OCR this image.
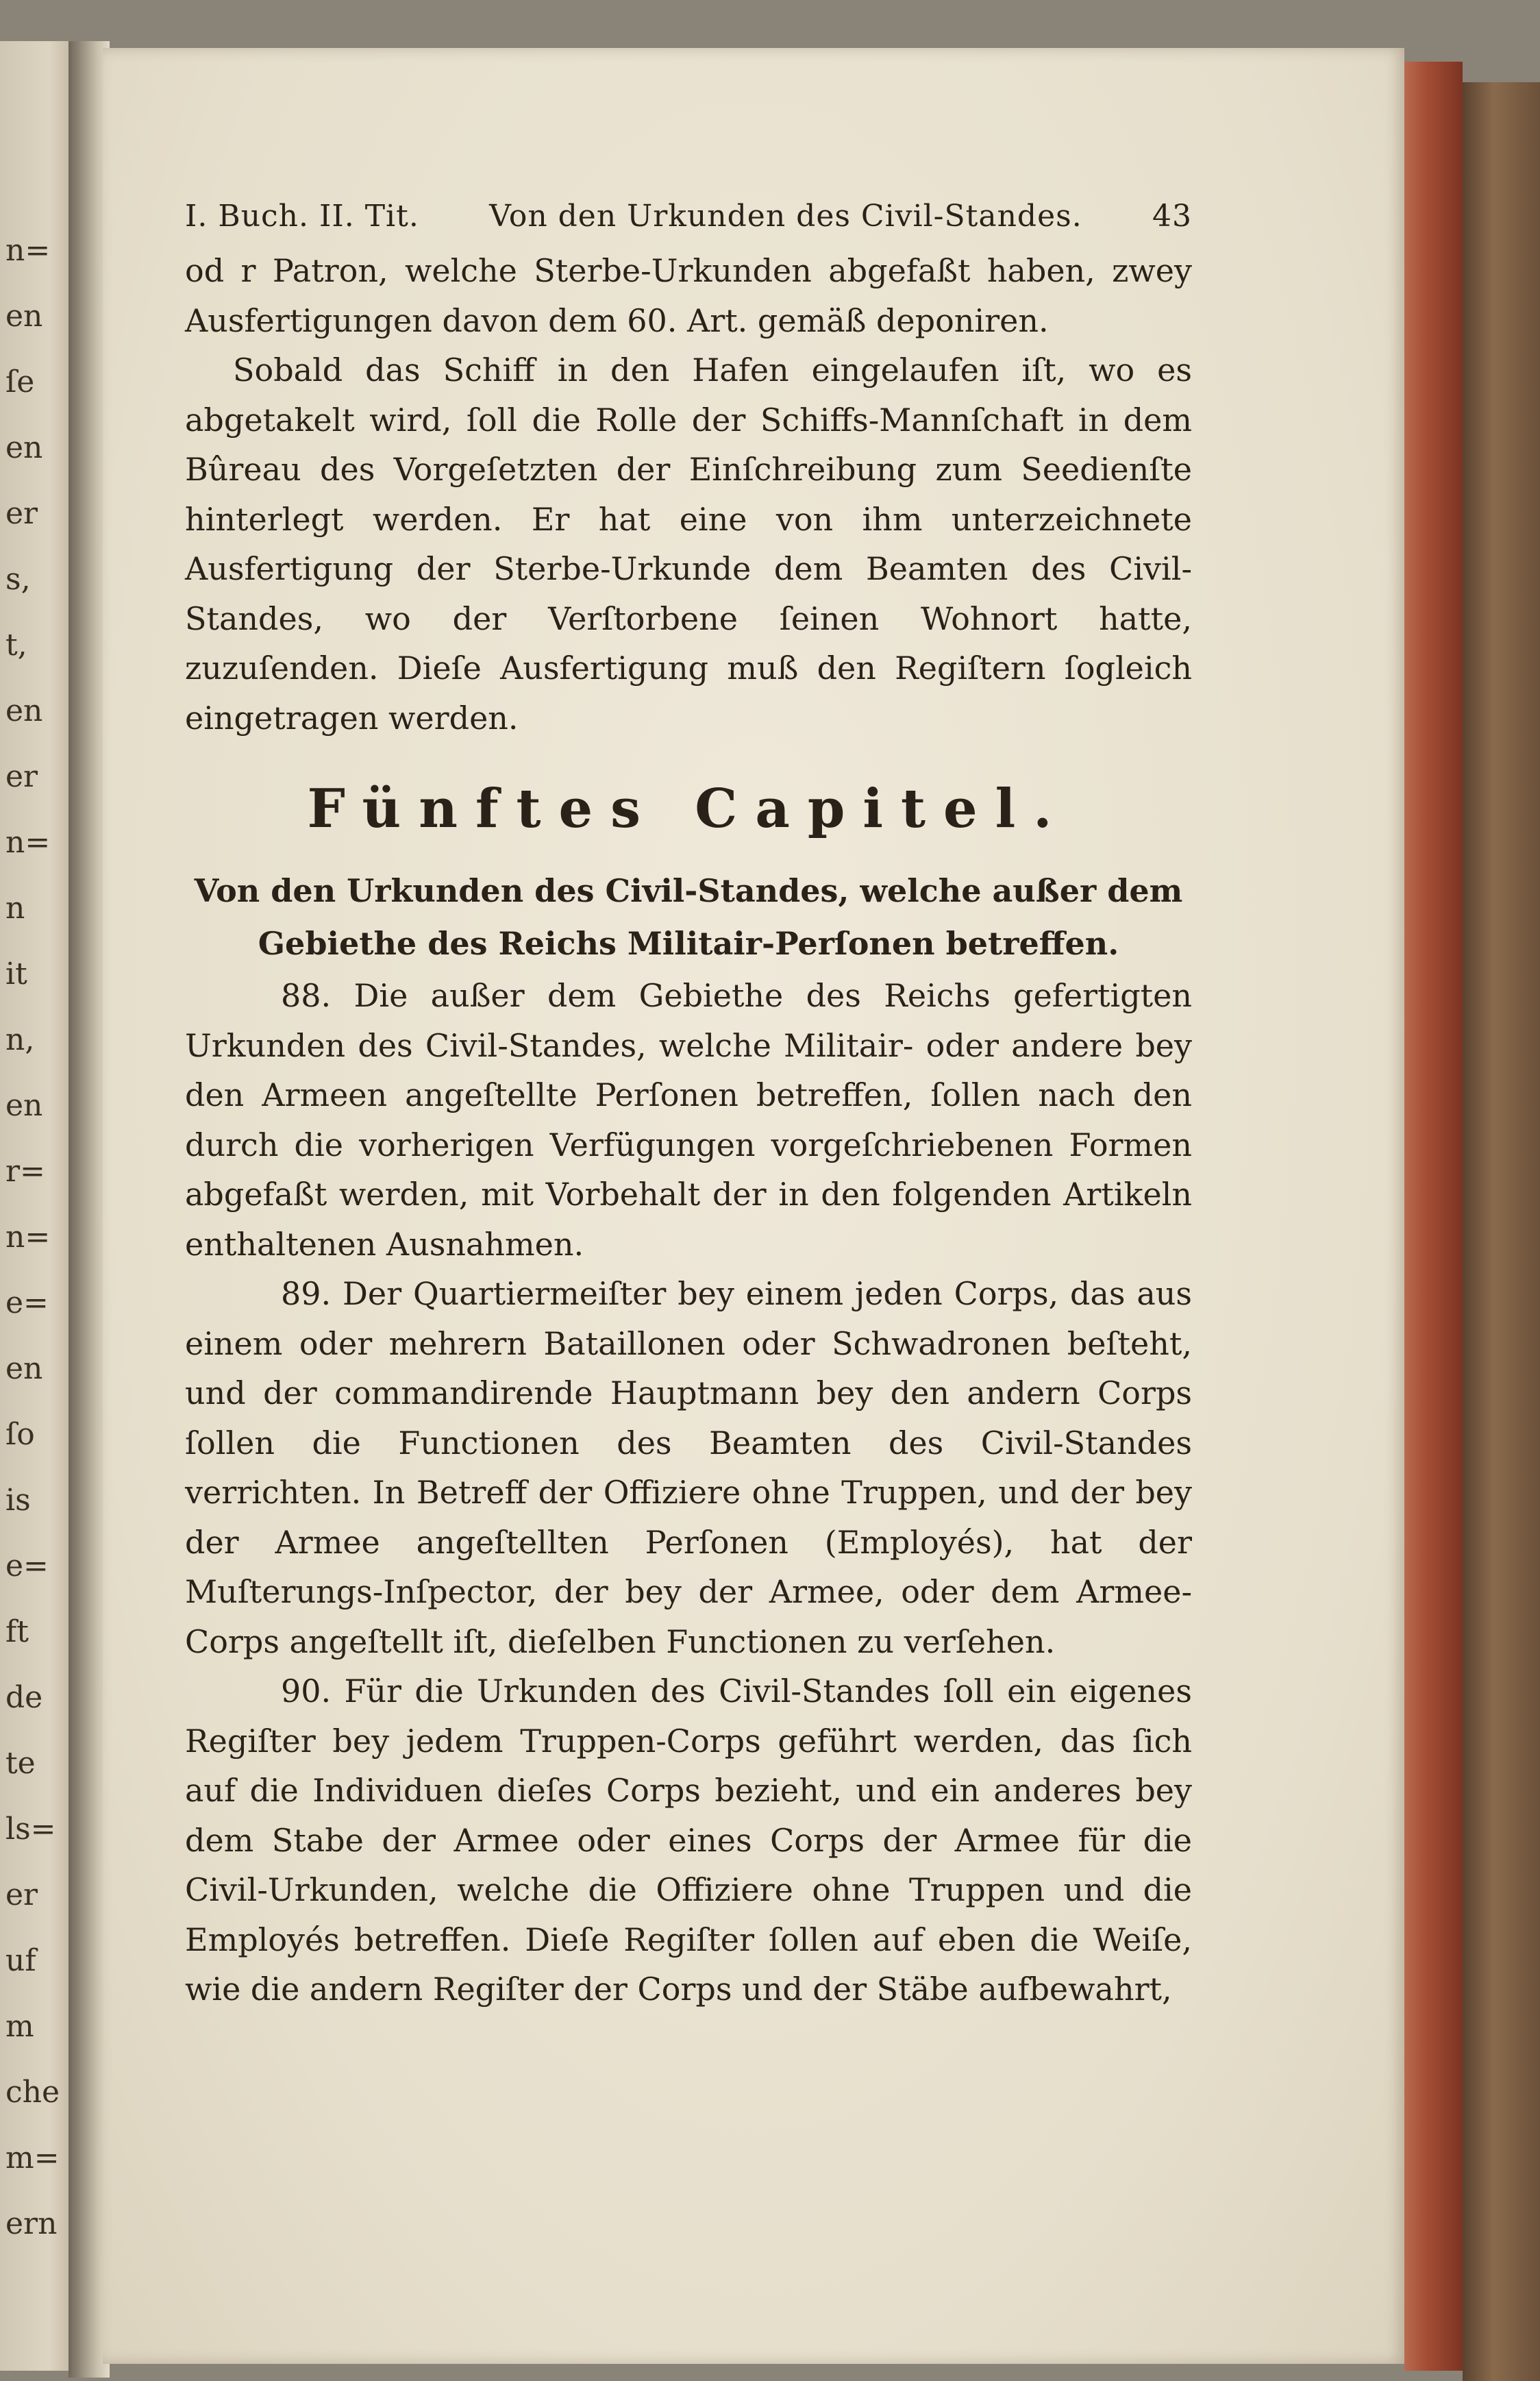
n=
en
ſe
en
er
s,
t,
en
er
n=
n
it
n,
en
r=
n=
e=
en
ſo
is
e=
ft
de
te
ls=
er
uf
m
che
m=
ern
I. Buch. II. Tit. Von den Urkunden des Civil-Standes. 43

od r Patron, welche Sterbe-Urkunden abgefaßt haben, zwey Ausfertigungen davon dem 60. Art. gemäß deponiren.

Sobald das Schiff in den Hafen eingelaufen iſt, wo es abgetakelt wird, ſoll die Rolle der Schiffs-Mannſchaft in dem Bûreau des Vorgeſetzten der Einſchreibung zum Seedienſte hinterlegt werden. Er hat eine von ihm unterzeichnete Ausfertigung der Sterbe-Urkunde dem Beamten des Civil-Standes, wo der Verſtorbene ſeinen Wohnort hatte, zuzuſenden. Dieſe Ausfertigung muß den Regiſtern ſogleich eingetragen werden.

Fünftes Capitel.

Von den Urkunden des Civil-Standes, welche außer dem

Gebiethe des Reichs Militair-Perſonen betreffen.

88. Die außer dem Gebiethe des Reichs gefertigten Urkunden des Civil-Standes, welche Militair- oder andere bey den Armeen angeſtellte Perſonen betreffen, ſollen nach den durch die vorherigen Verfügungen vorgeſchriebenen Formen abgefaßt werden, mit Vorbehalt der in den folgenden Artikeln enthaltenen Ausnahmen.

89. Der Quartiermeiſter bey einem jeden Corps, das aus einem oder mehrern Bataillonen oder Schwadronen beſteht, und der commandirende Hauptmann bey den andern Corps ſollen die Functionen des Beamten des Civil-Standes verrichten. In Betreff der Offiziere ohne Truppen, und der bey der Armee angeſtellten Perſonen (Employés), hat der Muſterungs-Inſpector, der bey der Armee, oder dem Armee-Corps angeſtellt iſt, dieſelben Functionen zu verſehen.

90. Für die Urkunden des Civil-Standes ſoll ein eigenes Regiſter bey jedem Truppen-Corps geführt werden, das ſich auf die Individuen dieſes Corps bezieht, und ein anderes bey dem Stabe der Armee oder eines Corps der Armee für die Civil-Urkunden, welche die Offiziere ohne Truppen und die Employés betreffen. Dieſe Regiſter ſollen auf eben die Weiſe, wie die andern Regiſter der Corps und der Stäbe aufbewahrt,
